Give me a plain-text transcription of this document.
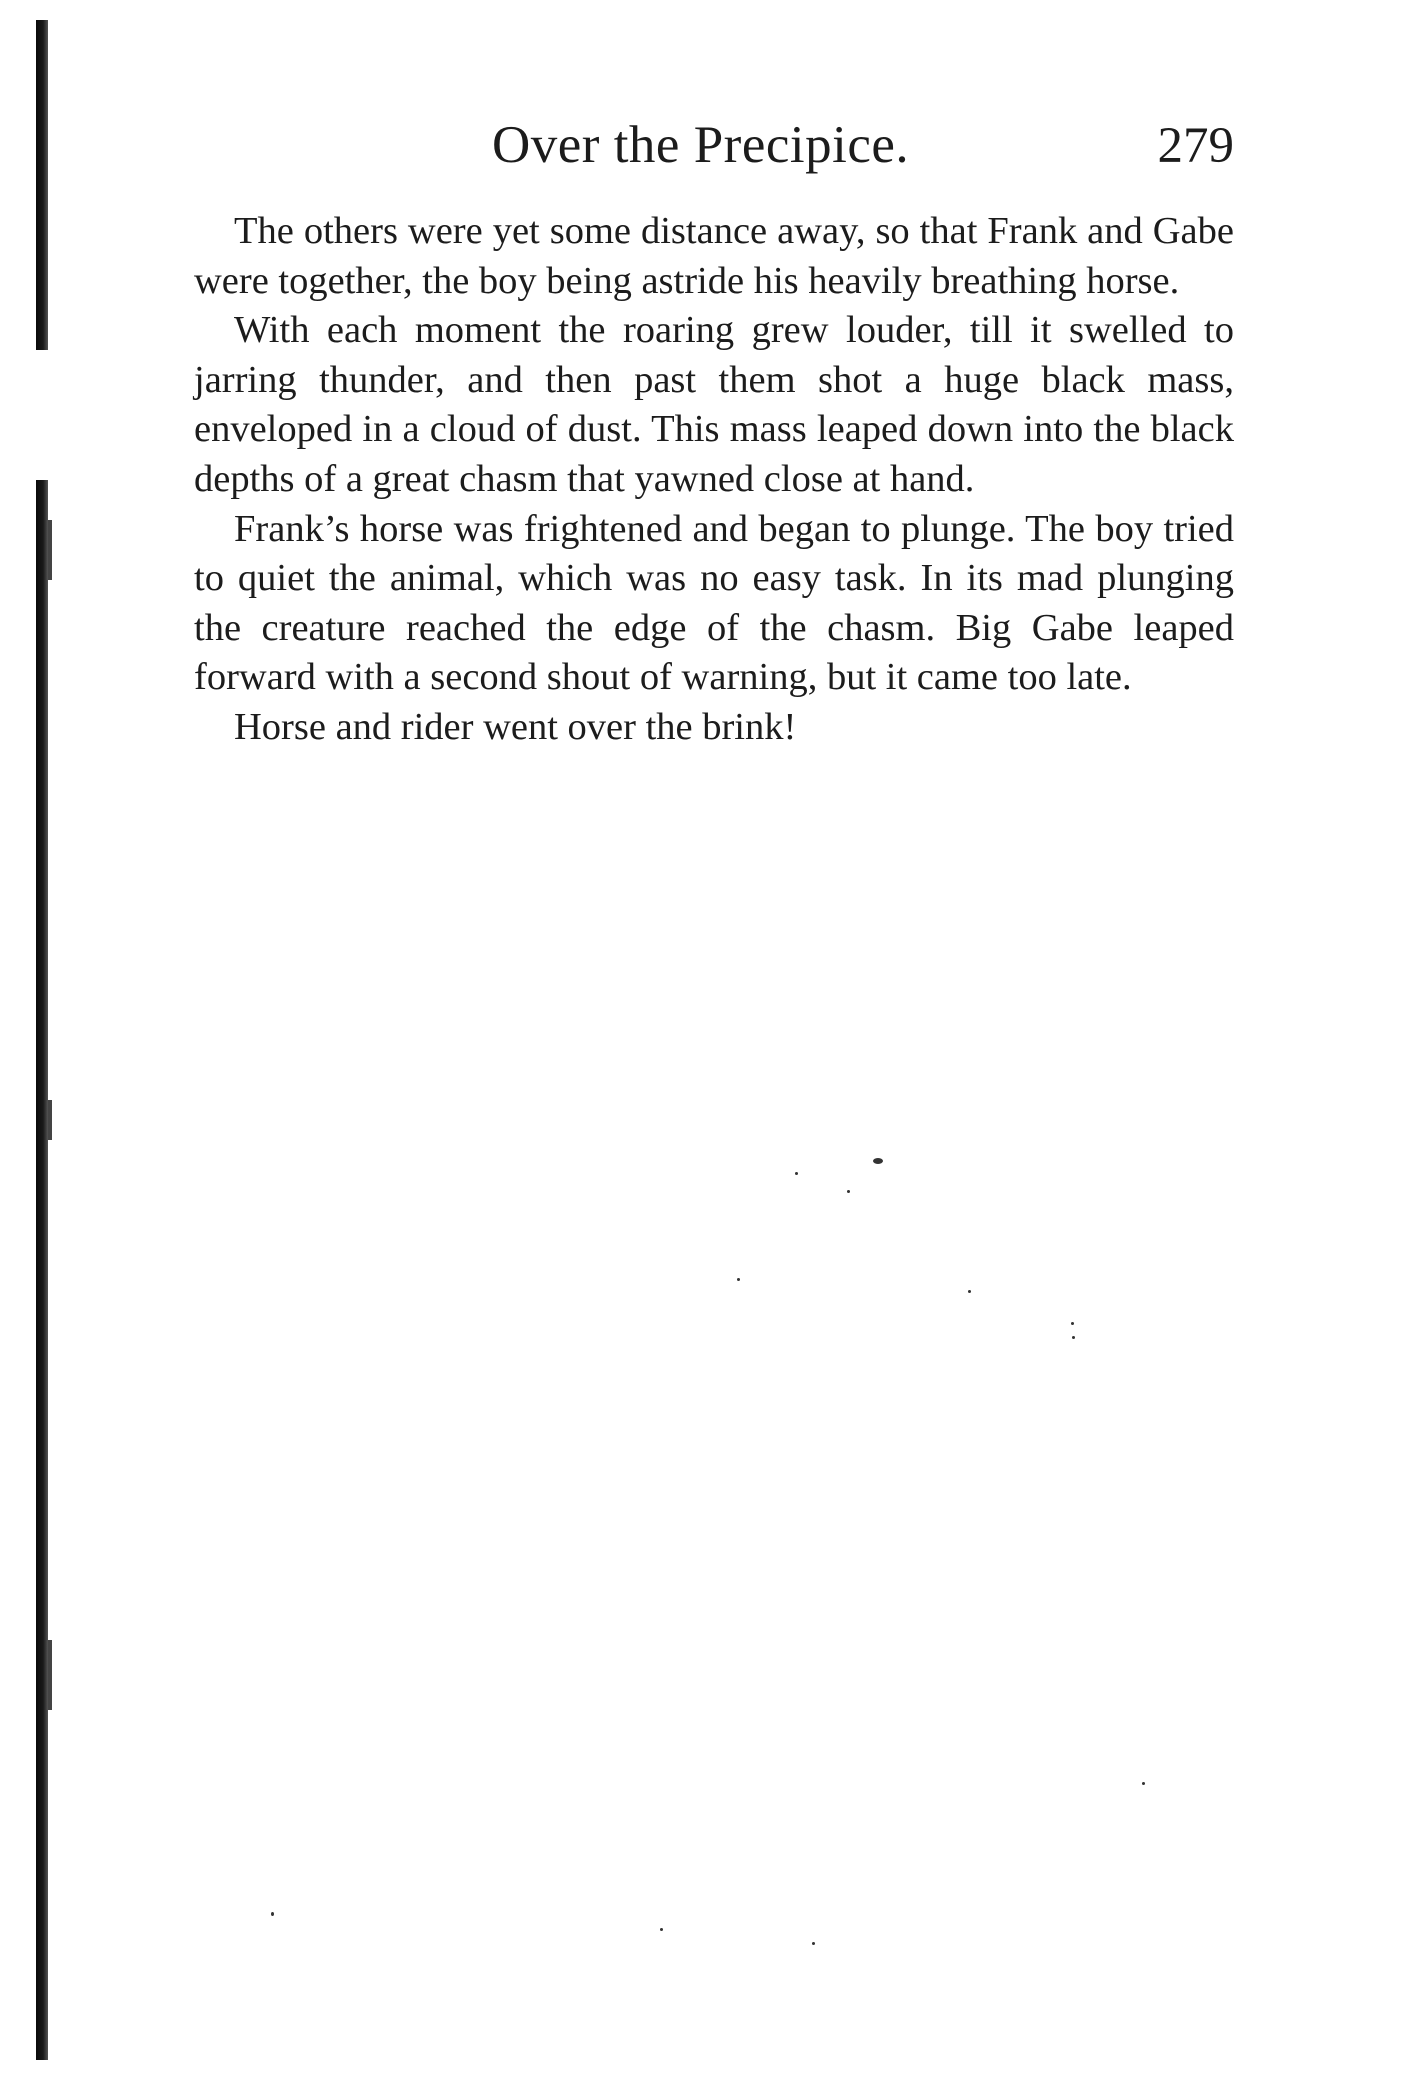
Over the Precipice.	279

The others were yet some distance away, so that Frank and Gabe were together, the boy being astride his heavily breathing horse.

With each moment the roaring grew louder, till it swelled to jarring thunder, and then past them shot a huge black mass, enveloped in a cloud of dust. This mass leaped down into the black depths of a great chasm that yawned close at hand.

Frank’s horse was frightened and began to plunge. The boy tried to quiet the animal, which was no easy task. In its mad plunging the creature reached the edge of the chasm. Big Gabe leaped forward with a second shout of warning, but it came too late.

Horse and rider went over the brink!
